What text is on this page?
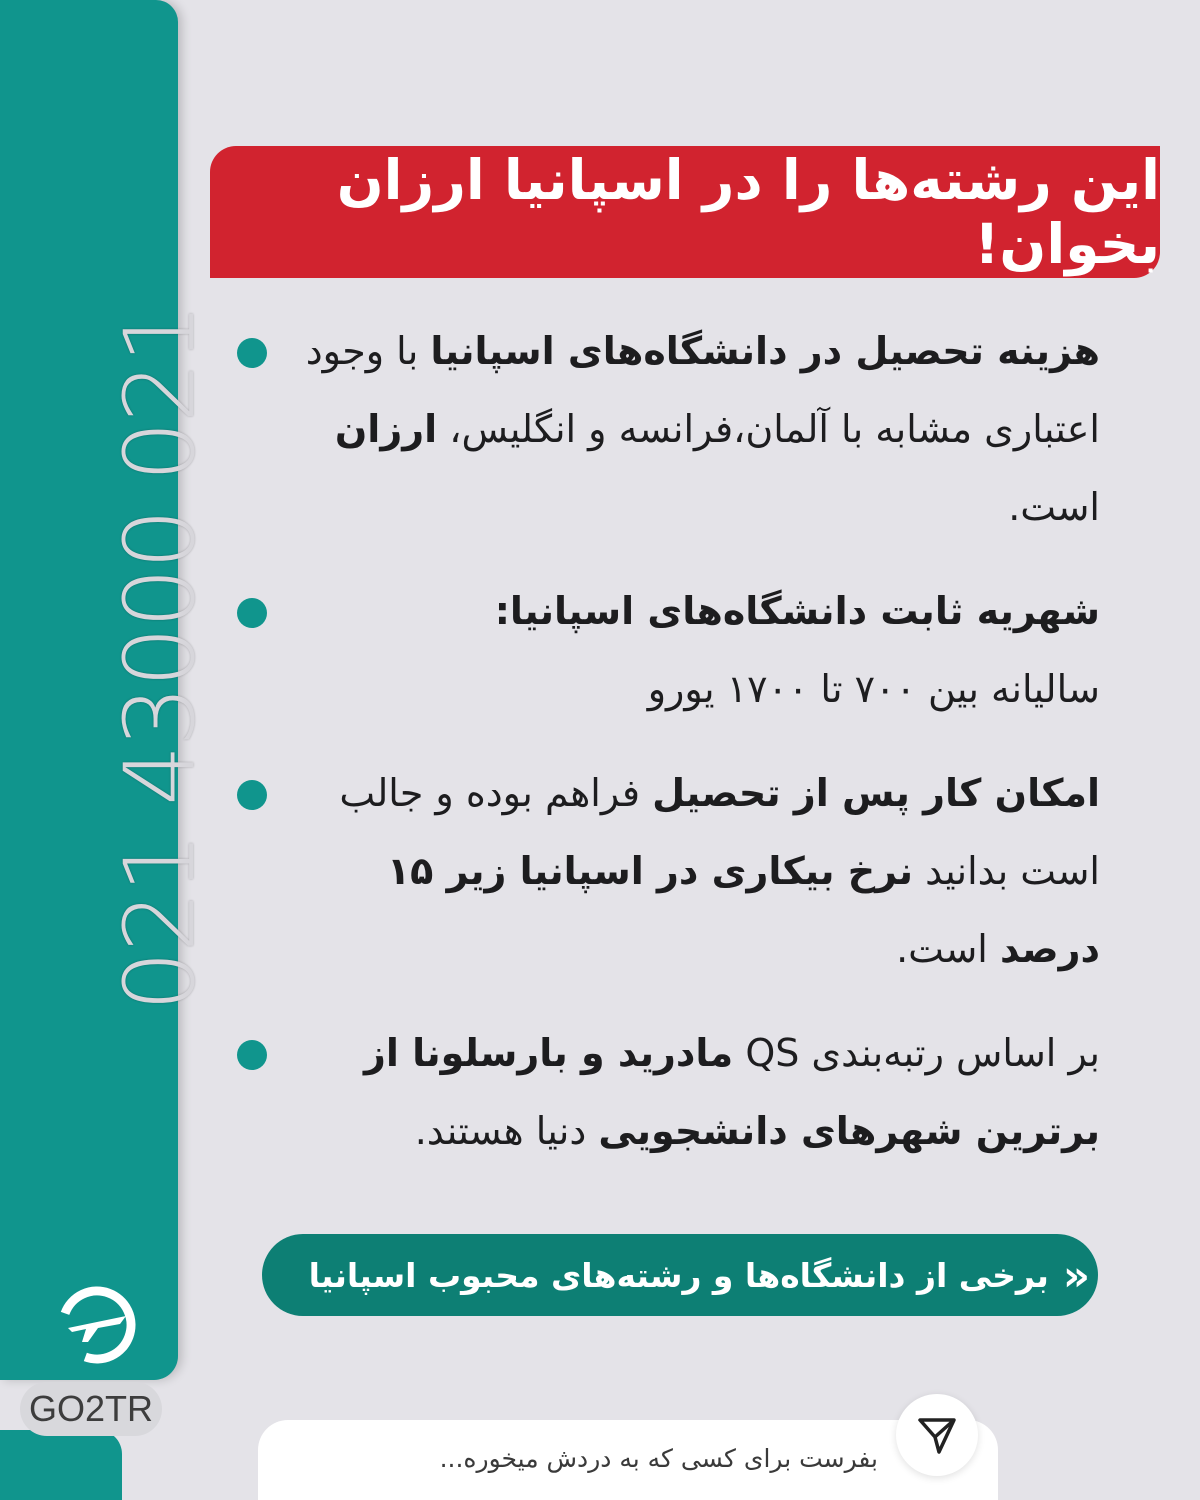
021 43000 021
GO2TR
این رشته‌ها را در اسپانیا ارزان بخوان!
هزینه تحصیل در دانشگاه‌های اسپانیا با وجود اعتباری مشابه با آلمان،فرانسه و انگلیس، ارزان است.
شهریه ثابت دانشگاه‌های اسپانیا:
سالیانه بین ۷۰۰ تا ۱۷۰۰ یورو
امکان کار پس از تحصیل فراهم بوده و جالب است بدانید نرخ بیکاری در اسپانیا زیر ۱۵ درصد است.
بر اساس رتبه‌بندی QS مادرید و بارسلونا از برترین شهرهای دانشجویی دنیا هستند.
«
برخی از دانشگاه‌ها و رشته‌های محبوب اسپانیا
بفرست برای کسی که به دردش میخوره...
